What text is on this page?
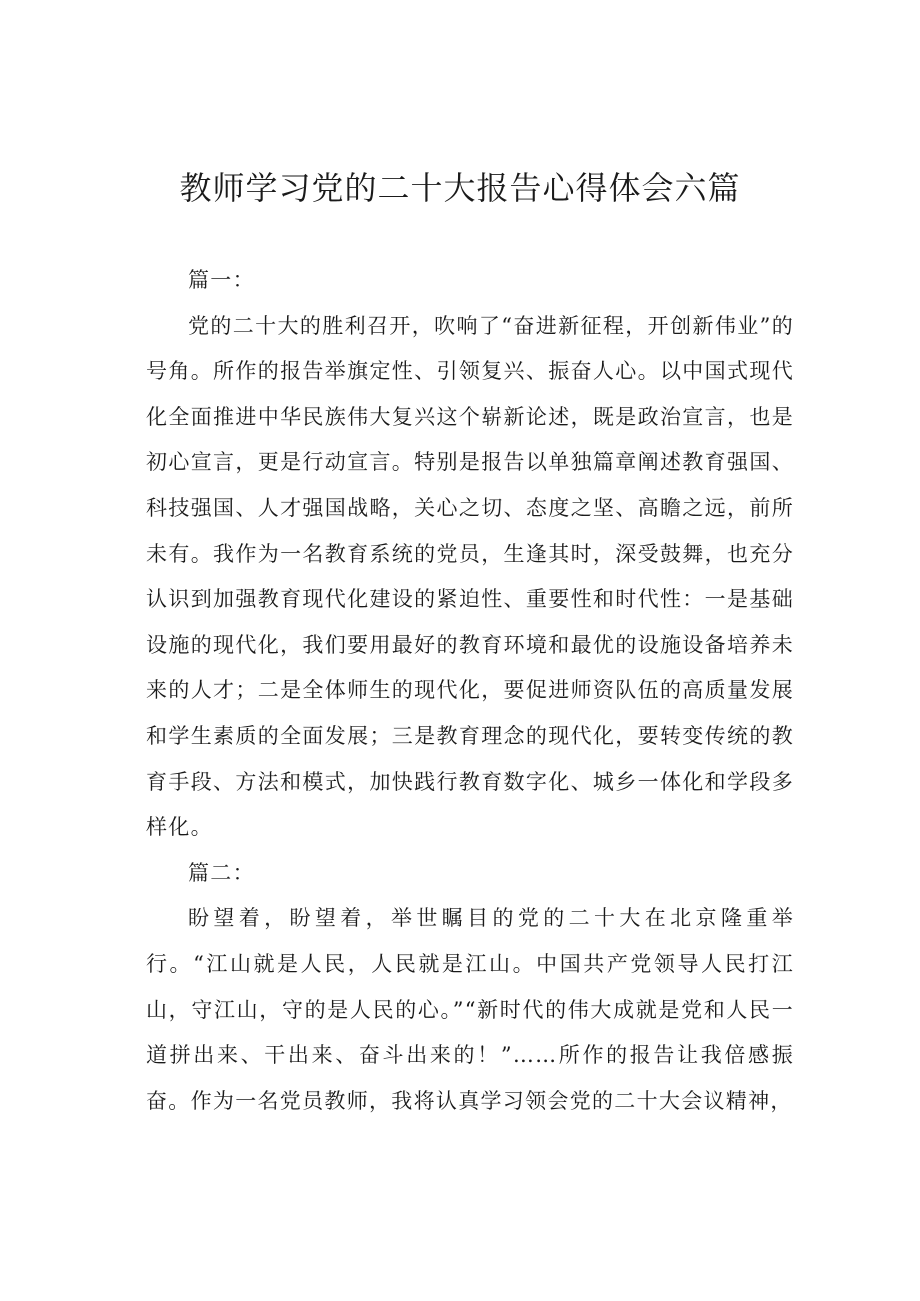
教师学习党的二十大报告心得体会六篇

篇一：

党的二十大的胜利召开，吹响了“奋进新征程，开创新伟业”的号角。所作的报告举旗定性、引领复兴、振奋人心。以中国式现代化全面推进中华民族伟大复兴这个崭新论述，既是政治宣言，也是初心宣言，更是行动宣言。特别是报告以单独篇章阐述教育强国、科技强国、人才强国战略，关心之切、态度之坚、高瞻之远，前所未有。我作为一名教育系统的党员，生逢其时，深受鼓舞，也充分认识到加强教育现代化建设的紧迫性、重要性和时代性：一是基础设施的现代化，我们要用最好的教育环境和最优的设施设备培养未来的人才；二是全体师生的现代化，要促进师资队伍的高质量发展和学生素质的全面发展；三是教育理念的现代化，要转变传统的教育手段、方法和模式，加快践行教育数字化、城乡一体化和学段多样化。

篇二：

盼望着，盼望着，举世瞩目的党的二十大在北京隆重举行。“江山就是人民，人民就是江山。中国共产党领导人民打江山，守江山，守的是人民的心。”“新时代的伟大成就是党和人民一道拼出来、干出来、奋斗出来的！”……所作的报告让我倍感振奋。作为一名党员教师，我将认真学习领会党的二十大会议精神，
